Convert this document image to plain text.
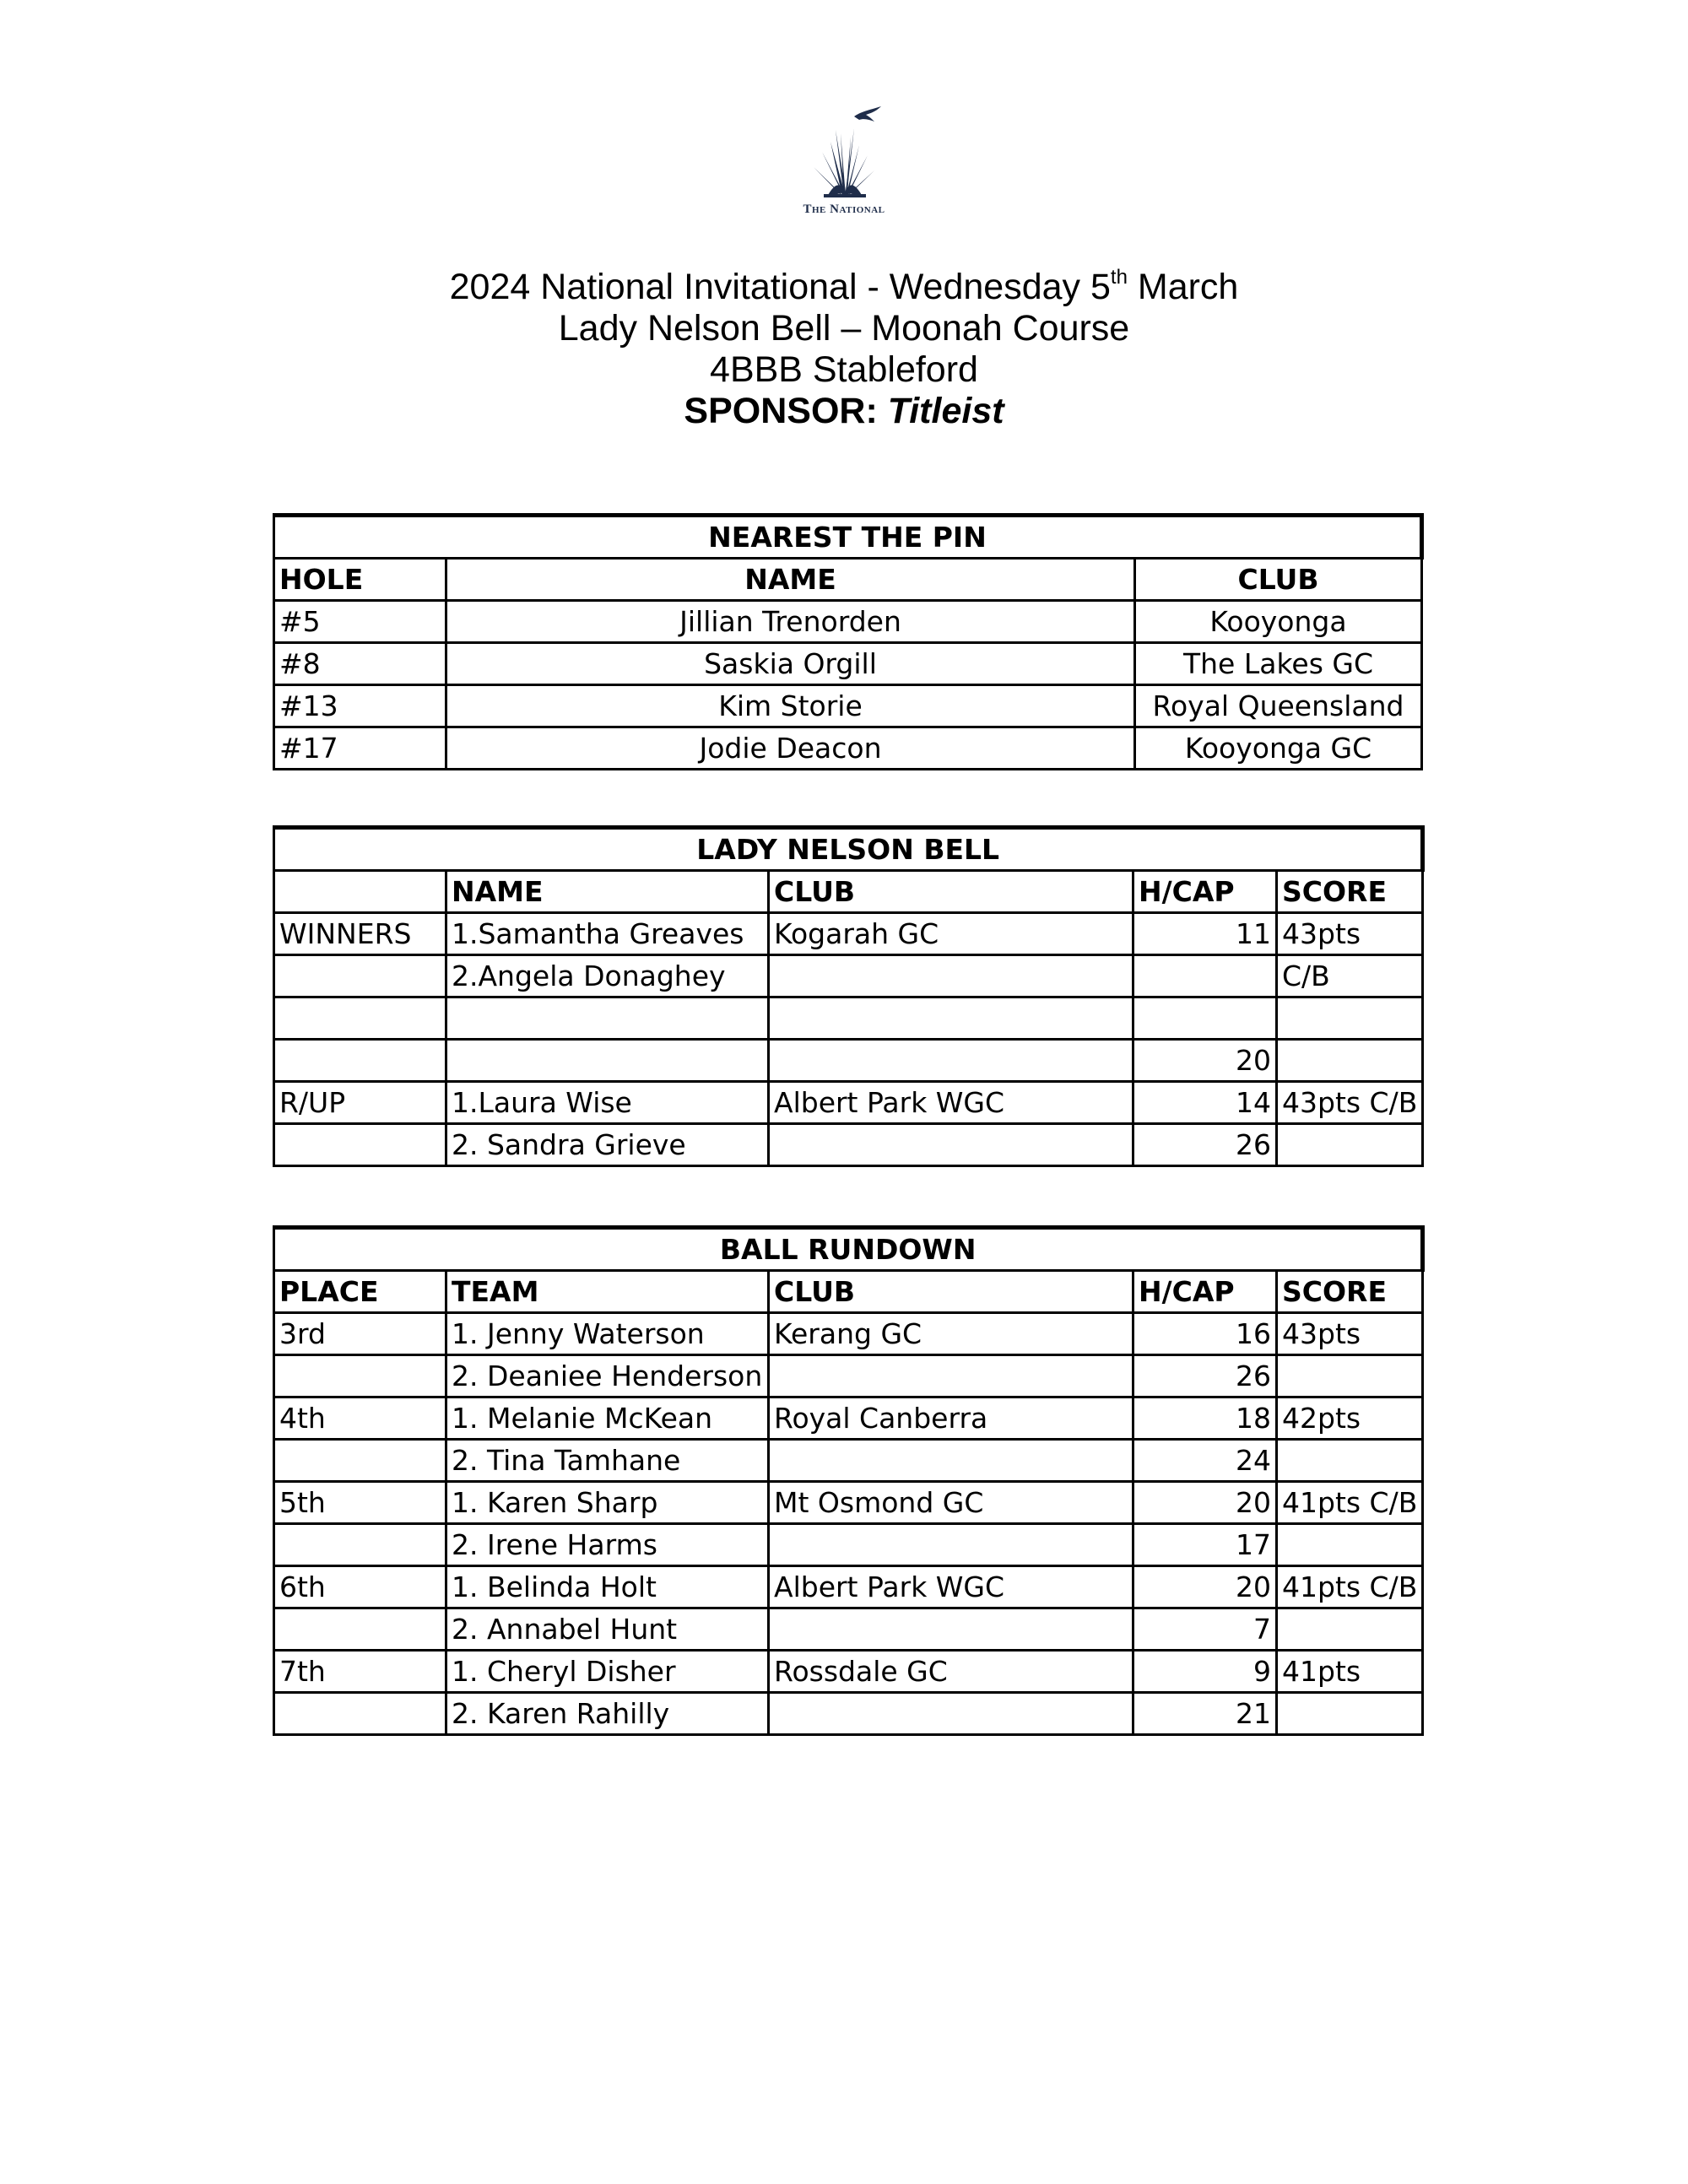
THE NATIONAL
2024 National Invitational - Wednesday 5th March
Lady Nelson Bell – Moonah Course
4BBB Stableford
SPONSOR: Titleist
NEAREST THE PIN		
HOLE	NAME	CLUB
#5	Jillian Trenorden	Kooyonga
#8	Saskia Orgill	The Lakes GC
#13	Kim Storie	Royal Queensland
#17	Jodie Deacon	Kooyonga GC
LADY NELSON BELL				
	NAME	CLUB	H/CAP	SCORE
WINNERS	1.Samantha Greaves	Kogarah GC	11	43pts
	2.Angela Donaghey			C/B

			20	
R/UP	1.Laura Wise	Albert Park WGC	14	43pts C/B
	2. Sandra Grieve		26	
BALL RUNDOWN				
PLACE	TEAM	CLUB	H/CAP	SCORE
3rd	1. Jenny Waterson	Kerang GC	16	43pts
	2. Deaniee Henderson		26	
4th	1. Melanie McKean	Royal Canberra	18	42pts
	2. Tina Tamhane		24	
5th	1. Karen Sharp	Mt Osmond GC	20	41pts C/B
	2. Irene Harms		17	
6th	1. Belinda Holt	Albert Park WGC	20	41pts C/B
	2. Annabel Hunt		7	
7th	1. Cheryl Disher	Rossdale GC	9	41pts
	2. Karen Rahilly		21	
